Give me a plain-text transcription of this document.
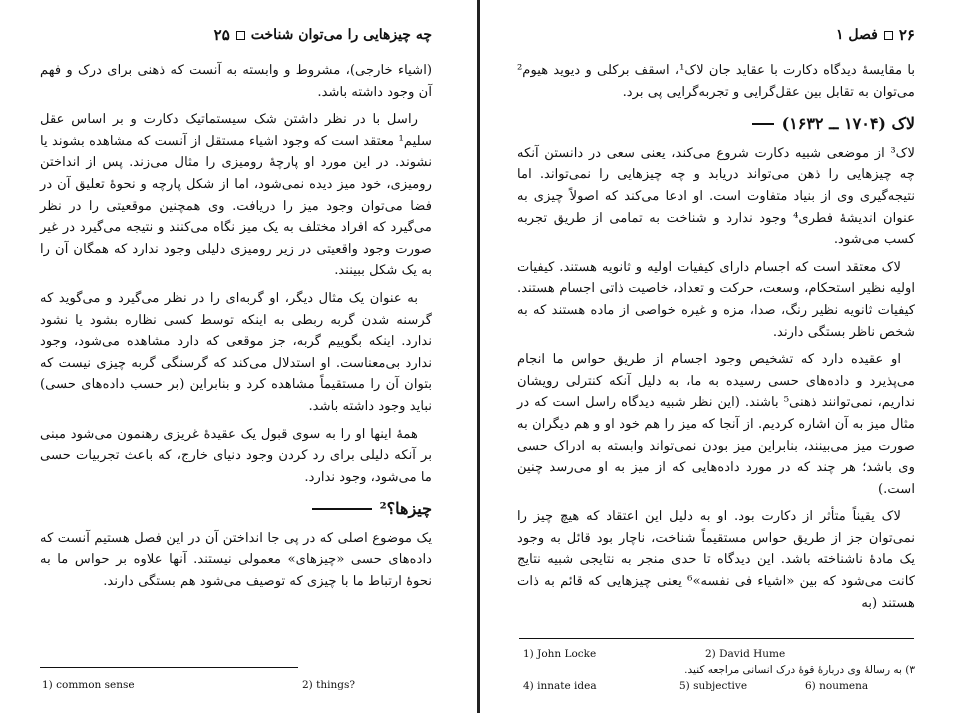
چه چیزهایی را می‌توان شناخت
۲۵

(اشیاء خارجی)، مشروط و وابسته به آنست که ذهنی برای درک و فهم آن وجود داشته باشد.

راسل با در نظر داشتن شک سیستماتیک دکارت و بر اساس عقل سلیم¹ معتقد است که وجود اشیاء مستقل از آنست که مشاهده بشوند یا نشوند. در این مورد او پارچهٔ رومیزی را مثال می‌زند. پس از انداختن رومیزی، خود میز دیده نمی‌شود، اما از شکل پارچه و نحوهٔ تعلیق آن در فضا می‌توان وجود میز را دریافت. وی همچنین موقعیتی را در نظر می‌گیرد که افراد مختلف به یک میز نگاه می‌کنند و نتیجه می‌گیرد در غیر صورت وجود واقعیتی در زیر رومیزی دلیلی وجود ندارد که همگان آن را به یک شکل ببینند.

به عنوان یک مثال دیگر، او گربه‌ای را در نظر می‌گیرد و می‌گوید که گرسنه شدن گربه ربطی به اینکه توسط کسی نظاره بشود یا نشود ندارد. اینکه بگوییم گربه، جز موقعی که دارد مشاهده می‌شود، وجود ندارد بی‌معناست. او استدلال می‌کند که گرسنگی گربه چیزی نیست که بتوان آن را مستقیماً مشاهده کرد و بنابراین (بر حسب داده‌های حسی) نباید وجود داشته باشد.

همهٔ اینها او را به سوی قبول یک عقیدهٔ غریزی رهنمون می‌شود مبنی بر آنکه دلیلی برای رد کردن وجود دنیای خارج، که باعث تجربیات حسی ما می‌شود، وجود ندارد.

چیزها؟²

یک موضوع اصلی که در پی جا انداختن آن در این فصل هستیم آنست که داده‌های حسی «چیزهای» معمولی نیستند. آنها علاوه بر حواس ما به نحوهٔ ارتباط ما با چیزی که توصیف می‌شود هم بستگی دارند.

1) common sense	2) things?
۲۶
فصل ۱

با مقایسهٔ دیدگاه دکارت با عقاید جان لاک¹، اسقف برکلی و دیوید هیوم² می‌توان به تقابل بین عقل‌گرایی و تجربه‌گرایی پی برد.

لاک (۱۷۰۴ ــ ۱۶۳۲)

لاک³ از موضعی شبیه دکارت شروع می‌کند، یعنی سعی در دانستن آنکه چه چیزهایی را ذهن می‌تواند دریابد و چه چیزهایی را نمی‌تواند. اما نتیجه‌گیری وی از بنیاد متفاوت است. او ادعا می‌کند که اصولاً چیزی به عنوان اندیشهٔ فطری⁴ وجود ندارد و شناخت به تمامی از طریق تجربه کسب می‌شود.

لاک معتقد است که اجسام دارای کیفیات اولیه و ثانویه هستند. کیفیات اولیه نظیر استحکام، وسعت، حرکت و تعداد، خاصیت ذاتی اجسام هستند. کیفیات ثانویه نظیر رنگ، صدا، مزه و غیره خواصی از ماده هستند که به شخص ناظر بستگی دارند.

او عقیده دارد که تشخیص وجود اجسام از طریق حواس ما انجام می‌پذیرد و داده‌های حسی رسیده به ما، به دلیل آنکه کنترلی رویشان نداریم، نمی‌توانند ذهنی⁵ باشند. (این نظر شبیه دیدگاه راسل است که در مثال میز به آن اشاره کردیم. از آنجا که میز را هم خود او و هم دیگران به صورت میز می‌بینند، بنابراین میز بودن نمی‌تواند وابسته به ادراک حسی وی باشد؛ هر چند که در مورد داده‌هایی که از میز به او می‌رسد چنین است.)

لاک یقیناً متأثر از دکارت بود. او به دلیل این اعتقاد که هیچ چیز را نمی‌توان جز از طریق حواس مستقیماً شناخت، ناچار بود قائل به وجود یک مادهٔ ناشناخته باشد. این دیدگاه تا حدی منجر به نتایجی شبیه نتایج کانت می‌شود که بین «اشیاء فی نفسه»⁶ یعنی چیزهایی که قائم به ذات هستند (به

1) John Locke	2) David Hume
۳) به رسالهٔ وی دربارهٔ قوهٔ درک انسانی مراجعه کنید.
4) innate idea	5) subjective	6) noumena
